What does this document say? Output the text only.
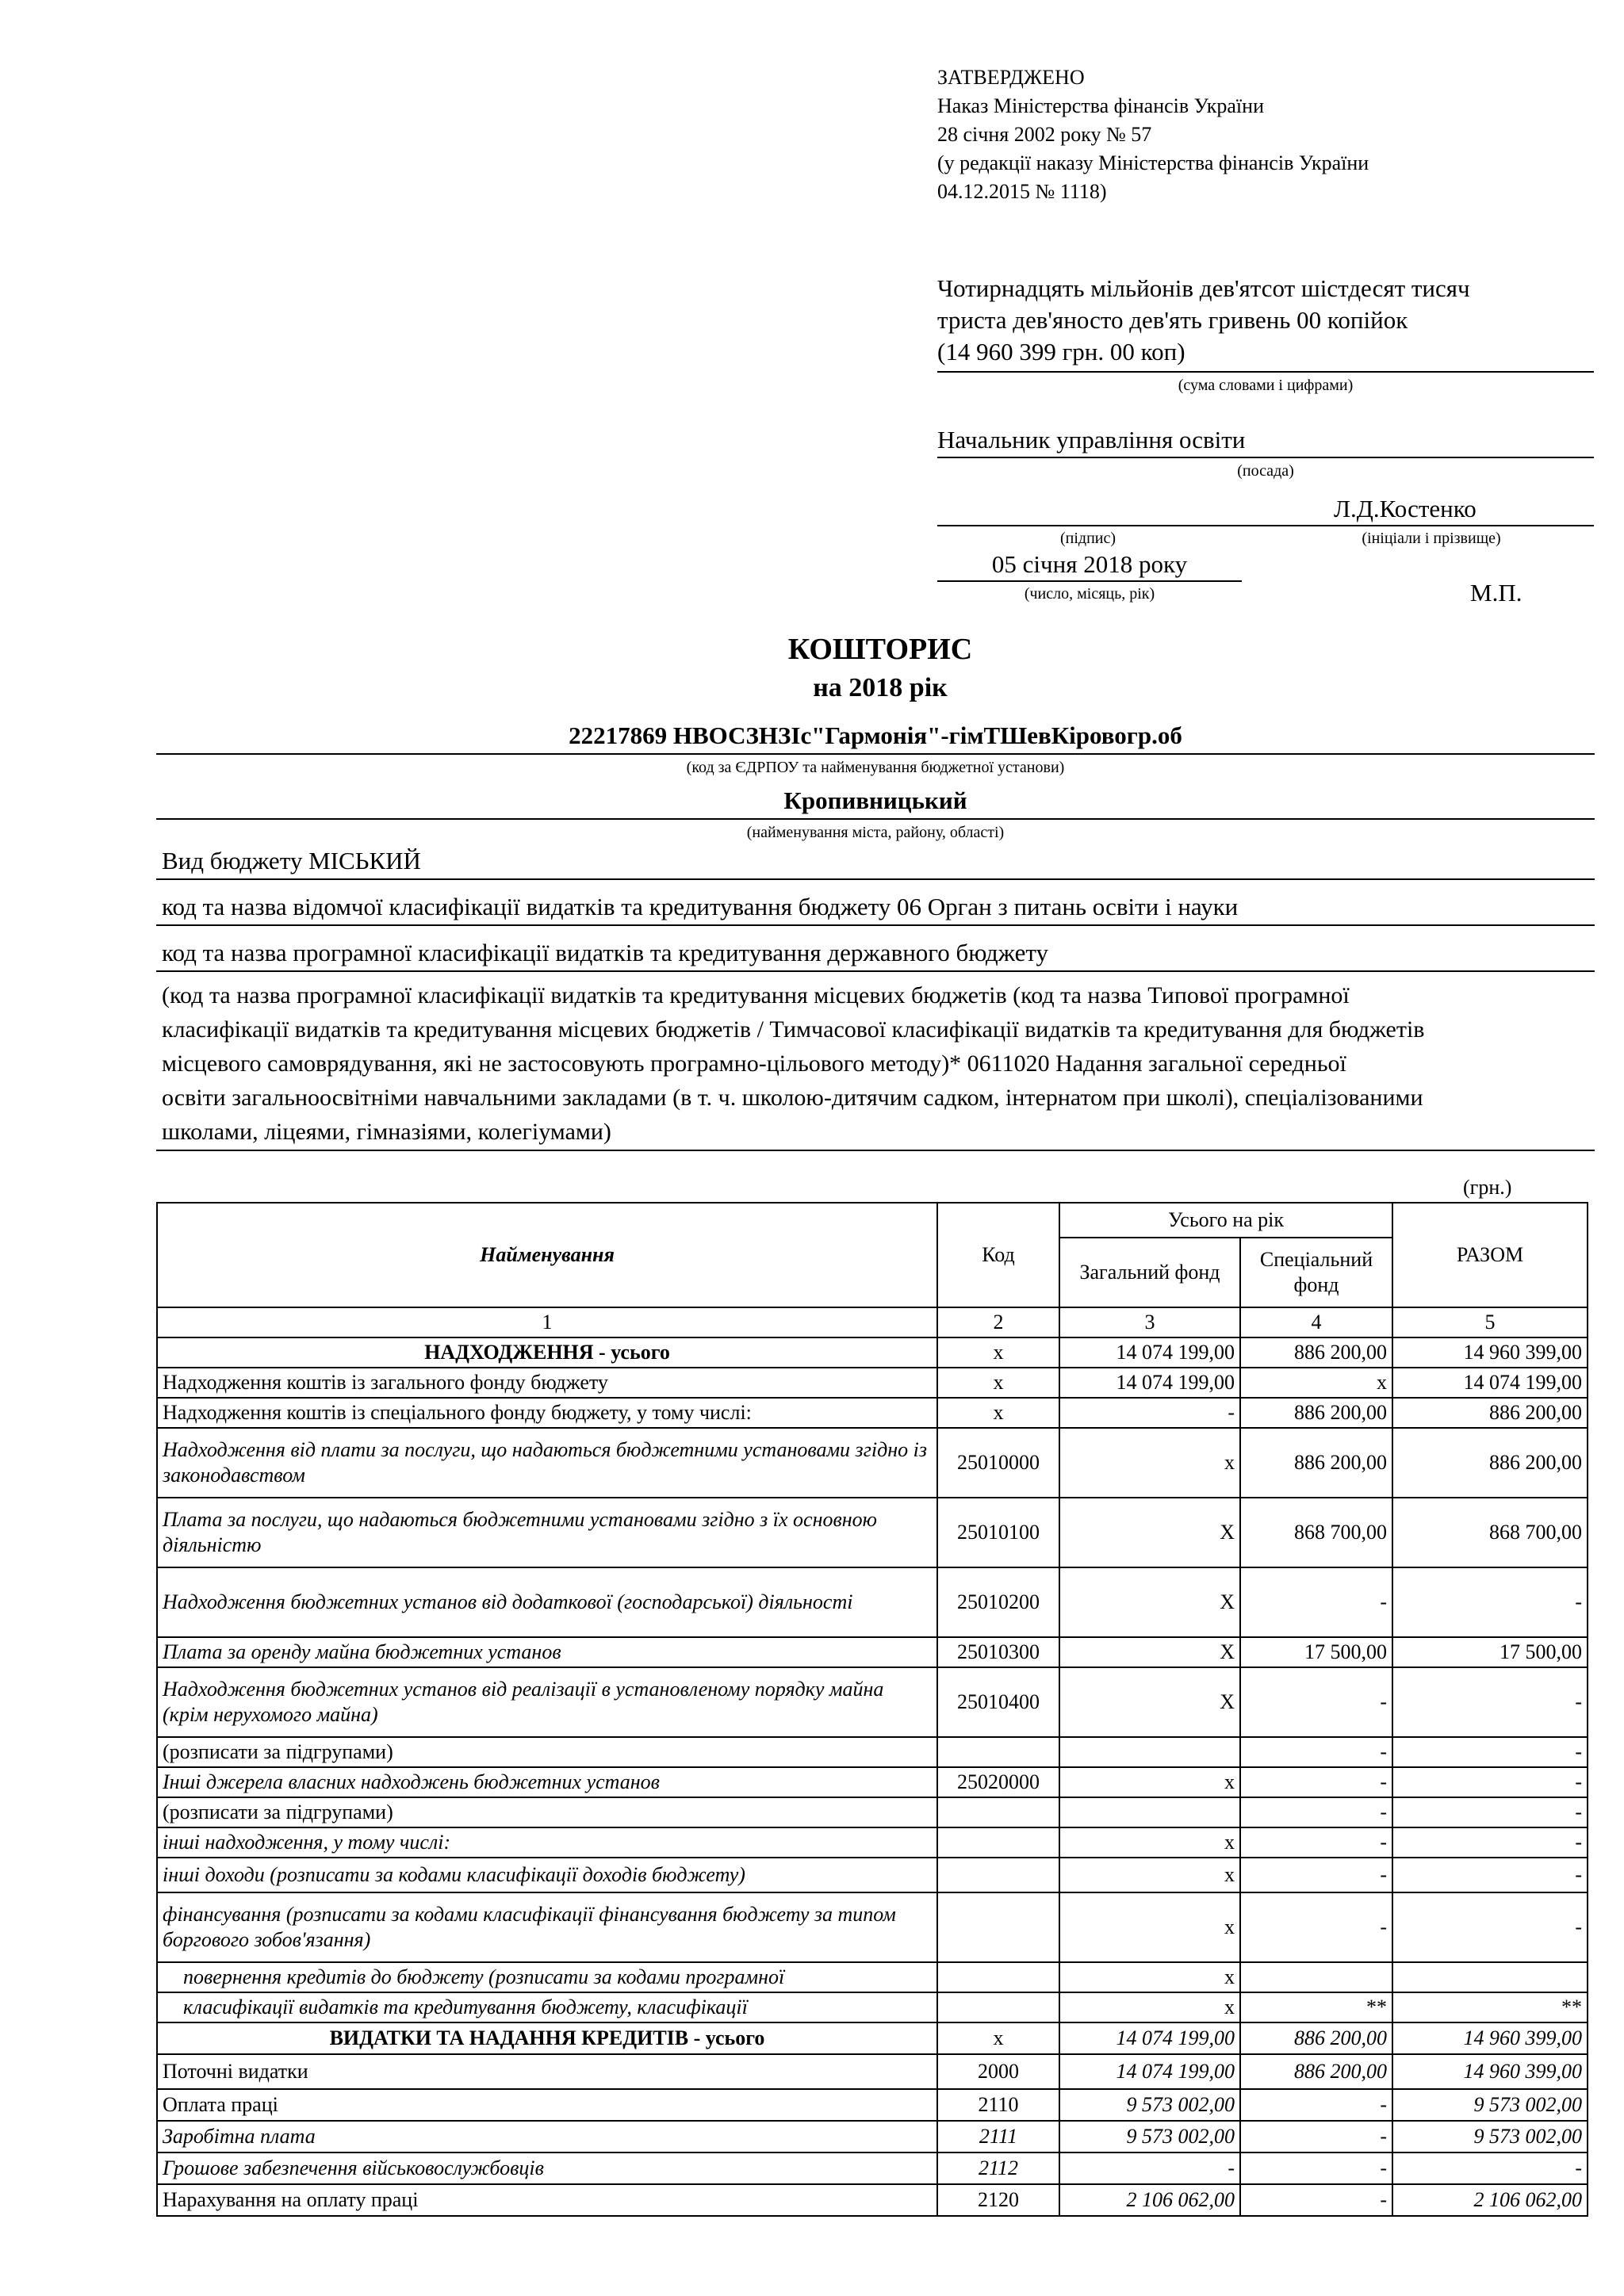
ЗАТВЕРДЖЕНО
Наказ Міністерства фінансів України
28 січня 2002 року № 57
(у редакції наказу Міністерства фінансів України
04.12.2015 № 1118)
Чотирнадцять мільйонів дев'ятсот шістдесят тисяч
триста дев'яносто дев'ять гривень 00 копійок
(14 960 399 грн. 00 коп)
(сума словами і цифрами)
Начальник управління освіти
(посада)
Л.Д.Костенко
(підпис)	(ініціали і прізвище)
05 січня 2018 року
(число, місяць, рік)	М.П.
КОШТОРИС
на 2018 рік
22217869 НВОСЗНЗІс"Гармонія"-гімТШевКіровогр.об
(код за ЄДРПОУ та найменування бюджетної установи)
Кропивницький
(найменування міста, району, області)
Вид бюджету МІСЬКИЙ
код та назва відомчої класифікації видатків та кредитування бюджету 06 Орган з питань освіти і науки
код та назва програмної класифікації видатків та кредитування державного бюджету
(код та назва програмної класифікації видатків та кредитування місцевих бюджетів (код та назва Типової програмної
класифікації видатків та кредитування місцевих бюджетів / Тимчасової класифікації видатків та кредитування для бюджетів
місцевого самоврядування, які не застосовують програмно-цільового методу)* 0611020 Надання загальної середньої
освіти загальноосвітніми навчальними закладами (в т. ч. школою-дитячим садком, інтернатом при школі), спеціалізованими
школами, ліцеями, гімназіями, колегіумами)
(грн.)
Найменування	Код	Усього на рік		РАЗОМ
		Загальний фонд	Спеціальний фонд	
1	2	3	4	5
НАДХОДЖЕННЯ - усього	х	14 074 199,00	886 200,00	14 960 399,00
Надходження коштів із загального фонду бюджету	х	14 074 199,00	х	14 074 199,00
Надходження коштів із спеціального фонду бюджету, у тому числі:	х	-	886 200,00	886 200,00
Надходження від плати за послуги, що надаються бюджетними установами згідно із законодавством	25010000	х	886 200,00	886 200,00
Плата за послуги, що надаються бюджетними установами згідно з їх основною діяльністю	25010100	Х	868 700,00	868 700,00
Надходження бюджетних установ від додаткової (господарської) діяльності	25010200	Х	-	-
Плата за оренду майна бюджетних установ	25010300	Х	17 500,00	17 500,00
Надходження бюджетних установ від реалізації в установленому порядку майна (крім нерухомого майна)	25010400	Х	-	-
(розписати за підгрупами)			-	-
Інші джерела власних надходжень бюджетних установ	25020000	х	-	-
(розписати за підгрупами)			-	-
інші надходження, у тому числі:		х	-	-
інші доходи (розписати за кодами класифікації доходів бюджету)		х	-	-
фінансування (розписати за кодами класифікації фінансування бюджету за типом боргового зобов'язання)		х	-	-
повернення кредитів до бюджету (розписати за кодами програмної		х		
класифікації видатків та кредитування бюджету, класифікації		х	**	**
ВИДАТКИ ТА НАДАННЯ КРЕДИТІВ - усього	х	14 074 199,00	886 200,00	14 960 399,00
Поточні видатки	2000	14 074 199,00	886 200,00	14 960 399,00
Оплата праці	2110	9 573 002,00	-	9 573 002,00
Заробітна плата	2111	9 573 002,00	-	9 573 002,00
Грошове забезпечення військовослужбовців	2112	-	-	-
Нарахування на оплату праці	2120	2 106 062,00	-	2 106 062,00
